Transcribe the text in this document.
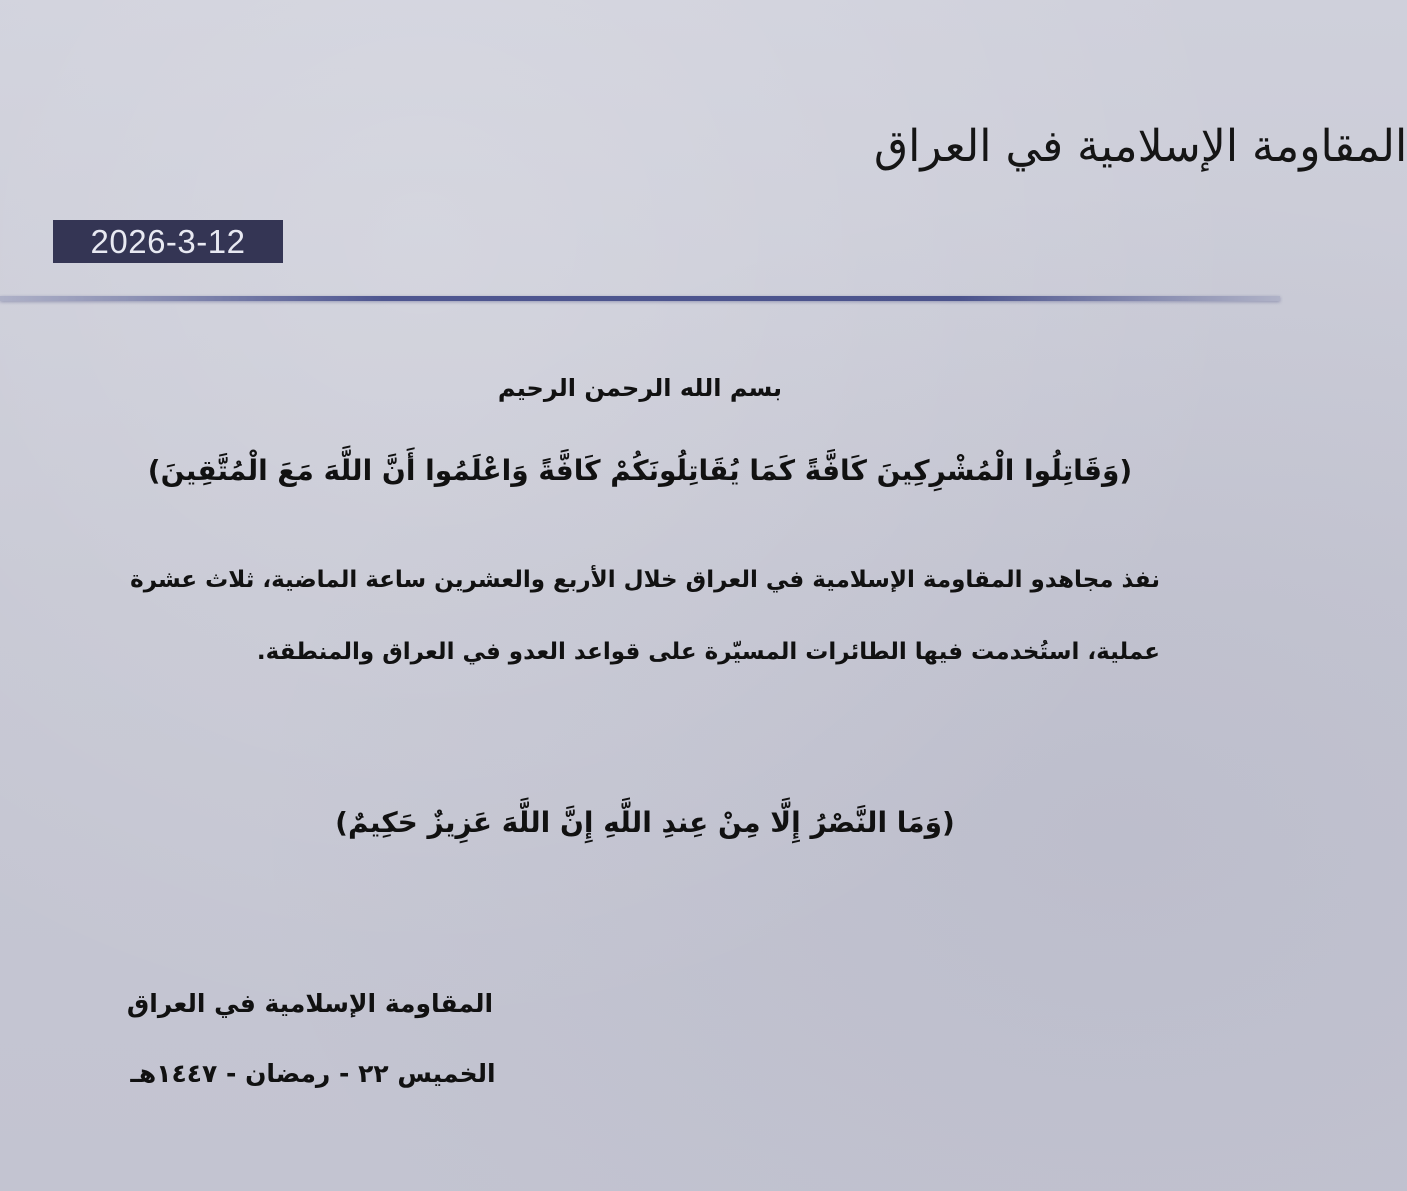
المقاومة الإسلامية في العراق
2026-3-12
بسم الله الرحمن الرحيم
(وَقَاتِلُوا الْمُشْرِكِينَ كَافَّةً كَمَا يُقَاتِلُونَكُمْ كَافَّةً وَاعْلَمُوا أَنَّ اللَّهَ مَعَ الْمُتَّقِينَ)
نفذ مجاهدو المقاومة الإسلامية في العراق خلال الأربع والعشرين ساعة الماضية، ثلاث عشرة
عملية، استُخدمت فيها الطائرات المسيّرة على قواعد العدو في العراق والمنطقة.
(وَمَا النَّصْرُ إِلَّا مِنْ عِندِ اللَّهِ إِنَّ اللَّهَ عَزِيزٌ حَكِيمٌ)
المقاومة الإسلامية في العراق
الخميس ٢٢ - رمضان - ١٤٤٧هـ
